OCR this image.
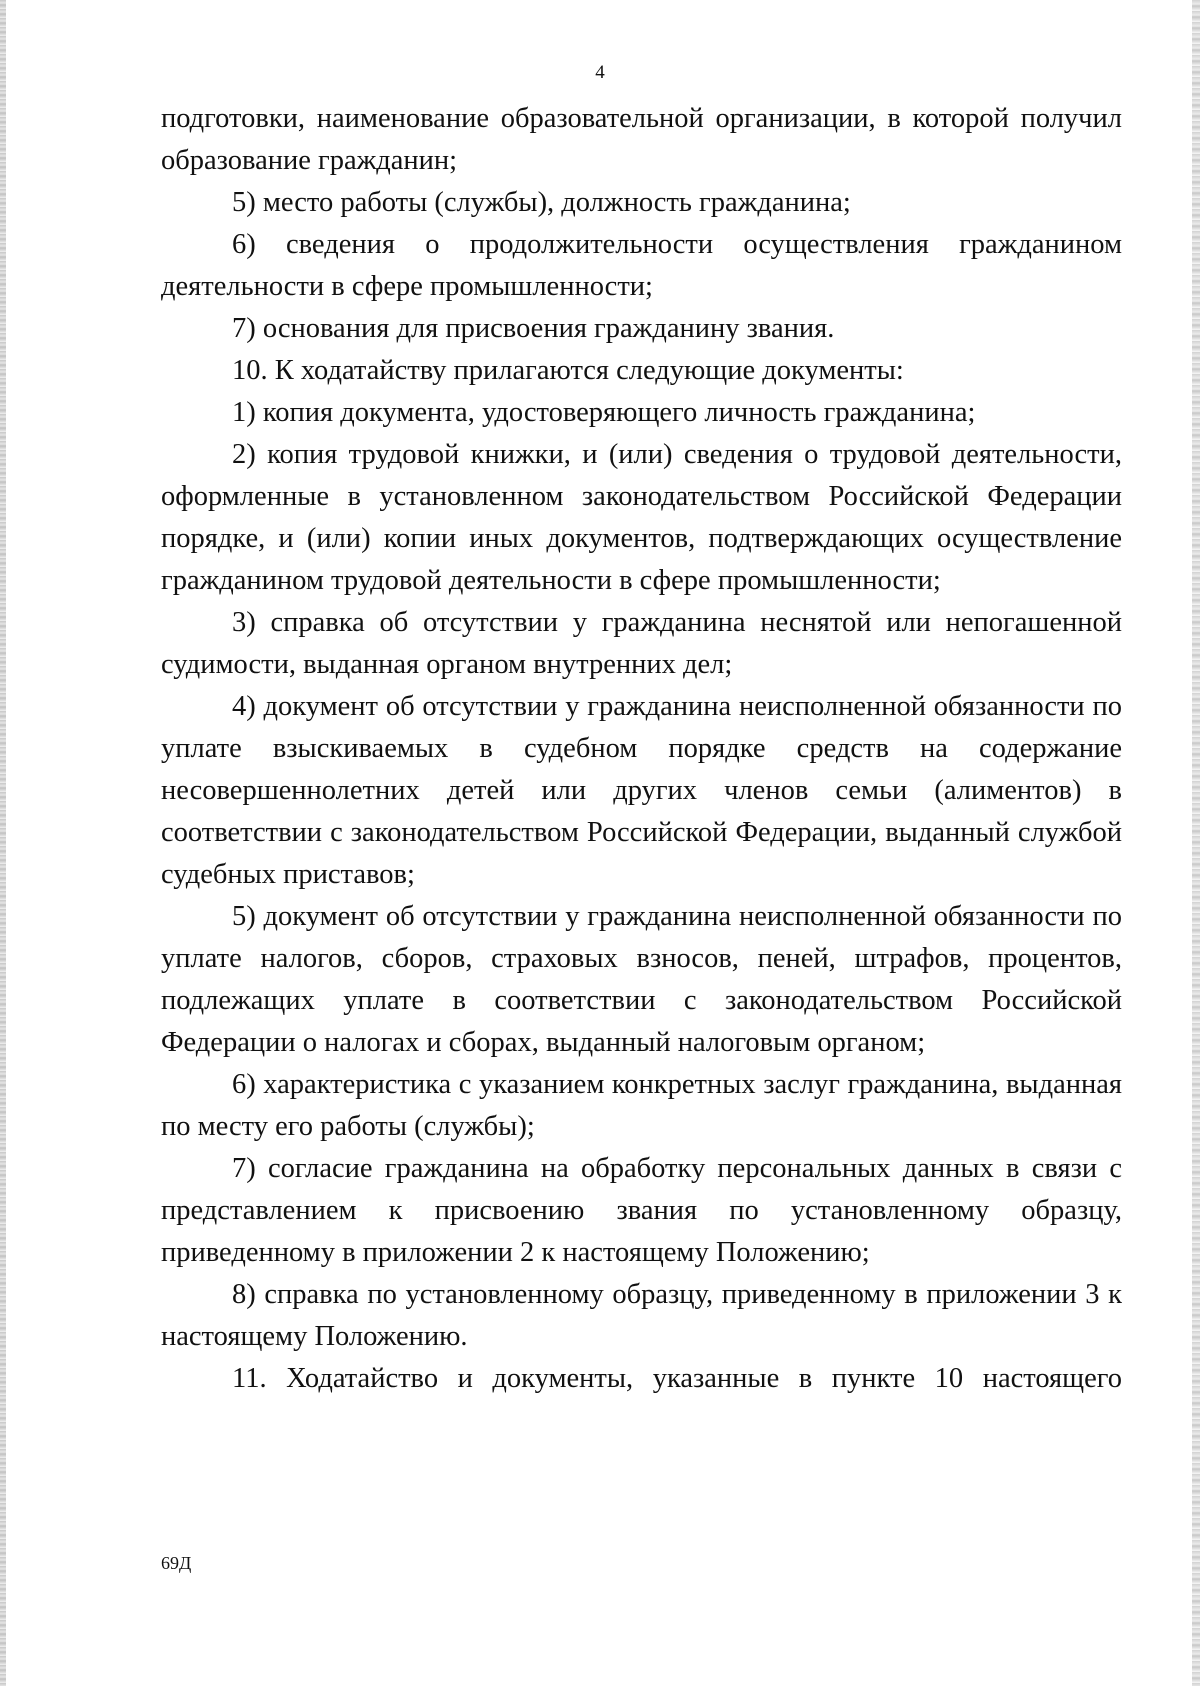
4

подготовки, наименование образовательной организации, в которой получил образование гражданин;

5) место работы (службы), должность гражданина;

6) сведения о продолжительности осуществления гражданином деятельности в сфере промышленности;

7) основания для присвоения гражданину звания.

10. К ходатайству прилагаются следующие документы:

1) копия документа, удостоверяющего личность гражданина;

2) копия трудовой книжки, и (или) сведения о трудовой деятельности, оформленные в установленном законодательством Российской Федерации порядке, и (или) копии иных документов, подтверждающих осуществление гражданином трудовой деятельности в сфере промышленности;

3) справка об отсутствии у гражданина неснятой или непогашенной судимости, выданная органом внутренних дел;

4) документ об отсутствии у гражданина неисполненной обязанности по уплате взыскиваемых в судебном порядке средств на содержание несовершеннолетних детей или других членов семьи (алиментов) в соответствии с законодательством Российской Федерации, выданный службой судебных приставов;

5) документ об отсутствии у гражданина неисполненной обязанности по уплате налогов, сборов, страховых взносов, пеней, штрафов, процентов, подлежащих уплате в соответствии с законодательством Российской Федерации о налогах и сборах, выданный налоговым органом;

6) характеристика с указанием конкретных заслуг гражданина, выданная по месту его работы (службы);

7) согласие гражданина на обработку персональных данных в связи с представлением к присвоению звания по установленному образцу, приведенному в приложении 2 к настоящему Положению;

8) справка по установленному образцу, приведенному в приложении 3 к настоящему Положению.

11. Ходатайство и документы, указанные в пункте 10 настоящего

69Д
